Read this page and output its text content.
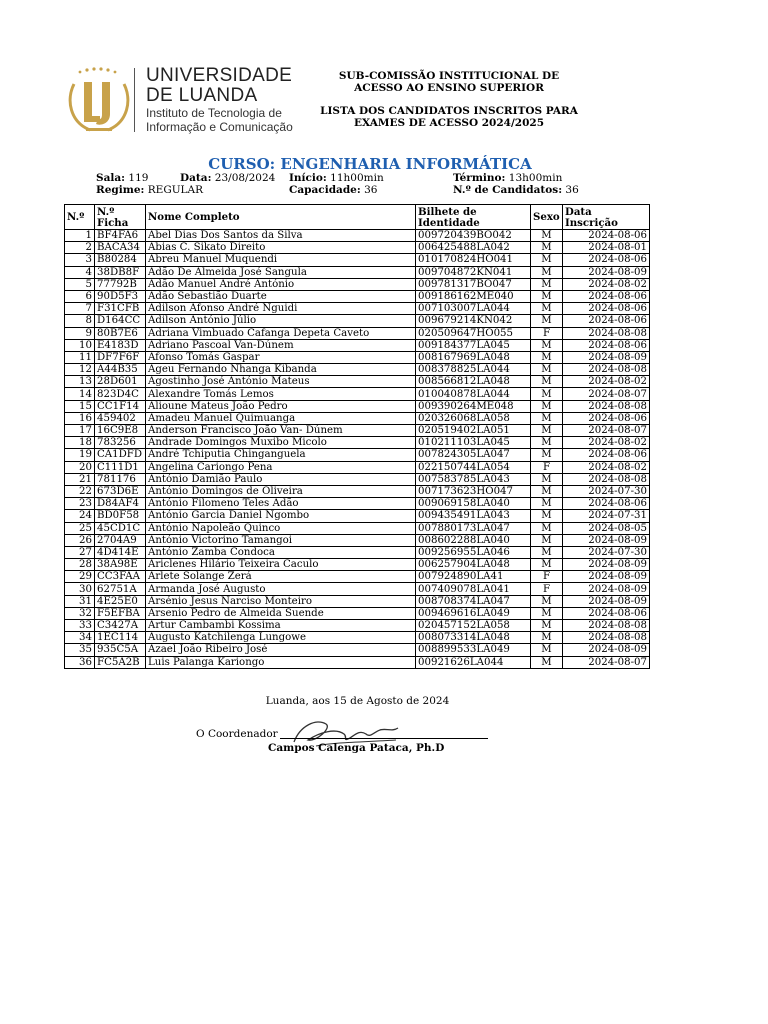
UNIVERSIDADE
DE LUANDA
Instituto de Tecnologia de
Informação e Comunicação
SUB-COMISSÃO INSTITUCIONAL DE
ACESSO AO ENSINO SUPERIOR
LISTA DOS CANDIDATOS INSCRITOS PARA
EXAMES DE ACESSO 2024/2025
CURSO: ENGENHARIA INFORMÁTICA
Sala: 119	Data: 23/08/2024 Início: 11h00min	Término: 13h00min
Regime: REGULAR	Capacidade: 36	N.º de Candidatos: 36
N.º	N.º Ficha	Nome Completo	Bilhete de Identidade	Sexo	Data Inscrição
1	BF4FA6	Abel Dias Dos Santos da Silva	009720439BO042	M	2024-08-06
2	BACA34	Abias C. Sikato Direito	006425488LA042	M	2024-08-01
3	B80284	Abreu Manuel Muquendi	010170824HO041	M	2024-08-06
4	38DB8F	Adão De Almeida José Sangula	009704872KN041	M	2024-08-09
5	77792B	Adão Manuel André António	009781317BO047	M	2024-08-02
6	90D5F3	Adão Sebastião Duarte	009186162ME040	M	2024-08-06
7	F31CFB	Adilson Afonso André Nguidi	007103007LA044	M	2024-08-06
8	D164CC	Adilson António Júlio	009679214KN042	M	2024-08-06
9	80B7E6	Adriana Vimbuado Cafanga Depeta Caveto	020509647HO055	F	2024-08-08
10	E4183D	Adriano Pascoal Van-Dúnem	009184377LA045	M	2024-08-06
11	DF7F6F	Afonso Tomás Gaspar	008167969LA048	M	2024-08-09
12	A44B35	Ageu Fernando Nhanga Kibanda	008378825LA044	M	2024-08-08
13	28D601	Agostinho José António Mateus	008566812LA048	M	2024-08-02
14	823D4C	Alexandre Tomás Lemos	010040878LA044	M	2024-08-07
15	CC1F14	Alioune Mateus João Pedro	009390264ME048	M	2024-08-08
16	459402	Amadeu Manuel Quimuanga	020326068LA058	M	2024-08-06
17	16C9E8	Anderson Francisco João Van- Dúnem	020519402LA051	M	2024-08-07
18	783256	Andrade Domingos Muxibo Micolo	010211103LA045	M	2024-08-02
19	CA1DFD	André Tchiputia Chinganguela	007824305LA047	M	2024-08-06
20	C111D1	Angelina Cariongo Pena	022150744LA054	F	2024-08-02
21	781176	António Damião Paulo	007583785LA043	M	2024-08-08
22	673D6E	António Domingos de Oliveira	007173623HO047	M	2024-07-30
23	D84AF4	António Filomeno Teles Adão	009069158LA040	M	2024-08-06
24	BD0F58	António Garcia Daniel Ngombo	009435491LA043	M	2024-07-31
25	45CD1C	António Napoleão Quinco	007880173LA047	M	2024-08-05
26	2704A9	António Victorino Tamangoi	008602288LA040	M	2024-08-09
27	4D414E	António Zamba Condoca	009256955LA046	M	2024-07-30
28	38A98E	Ariclenes Hilário Teixeira Caculo	006257904LA048	M	2024-08-09
29	CC3FAA	Arlete Solange Zerá	007924890LA41	F	2024-08-09
30	62751A	Armanda José Augusto	007409078LA041	F	2024-08-09
31	4E25E0	Arsénio Jesus Narciso Monteiro	008708374LA047	M	2024-08-09
32	F5EFBA	Arsenio Pedro de Almeida Suende	009469616LA049	M	2024-08-06
33	C3427A	Artur Cambambi Kossima	020457152LA058	M	2024-08-08
34	1EC114	Augusto Katchilenga Lungowe	008073314LA048	M	2024-08-08
35	935C5A	Azael João Ribeiro José	008899533LA049	M	2024-08-09
36	FC5A2B	Luis Palanga Kariongo	00921626LA044	M	2024-08-07
Luanda, aos 15 de Agosto de 2024
O Coordenador
Campos Calenga Pataca, Ph.D
